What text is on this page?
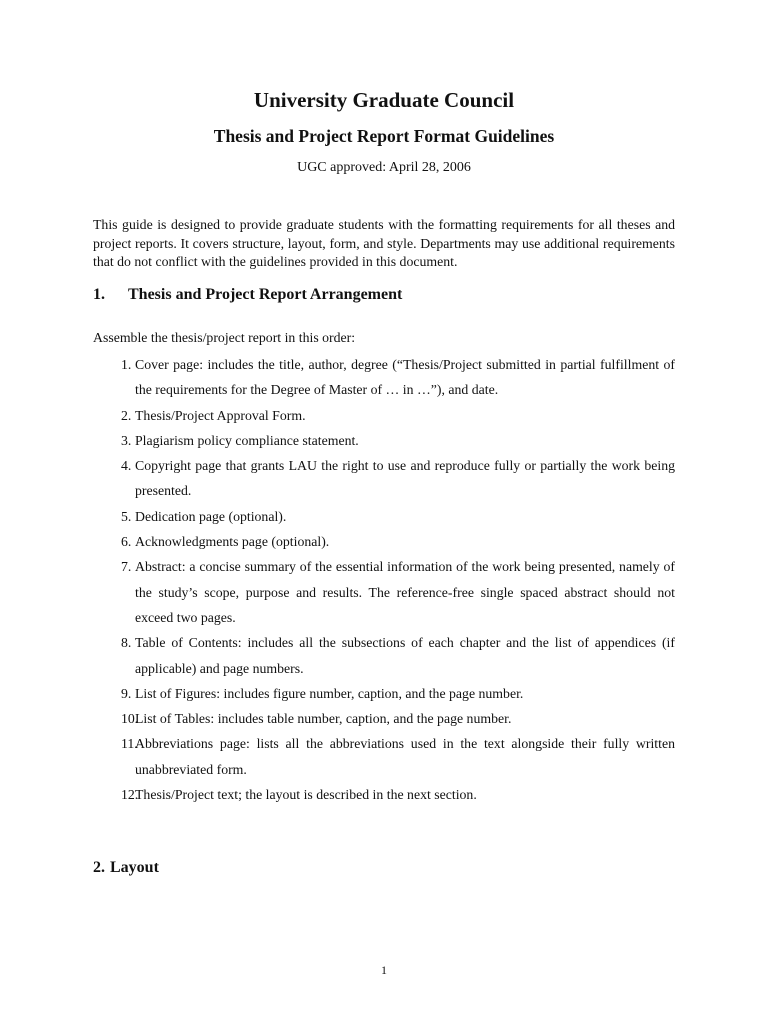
University Graduate Council
Thesis and Project Report Format Guidelines
UGC approved: April 28, 2006

This guide is designed to provide graduate students with the formatting requirements for all theses and project reports. It covers structure, layout, form, and style. Departments may use additional requirements that do not conflict with the guidelines provided in this document.

1. Thesis and Project Report Arrangement
Assemble the thesis/project report in this order:
1. Cover page: includes the title, author, degree (“Thesis/Project submitted in partial fulfillment of the requirements for the Degree of Master of … in …”), and date.
2. Thesis/Project Approval Form.
3. Plagiarism policy compliance statement.
4. Copyright page that grants LAU the right to use and reproduce fully or partially the work being presented.
5. Dedication page (optional).
6. Acknowledgments page (optional).
7. Abstract: a concise summary of the essential information of the work being presented, namely of the study’s scope, purpose and results. The reference-free single spaced abstract should not exceed two pages.
8. Table of Contents: includes all the subsections of each chapter and the list of appendices (if applicable) and page numbers.
9. List of Figures: includes figure number, caption, and the page number.
10.
List of Tables: includes table number, caption, and the page number.
11.
Abbreviations page: lists all the abbreviations used in the text alongside their fully written unabbreviated form.
12.
Thesis/Project text; the layout is described in the next section.
2. Layout
1
